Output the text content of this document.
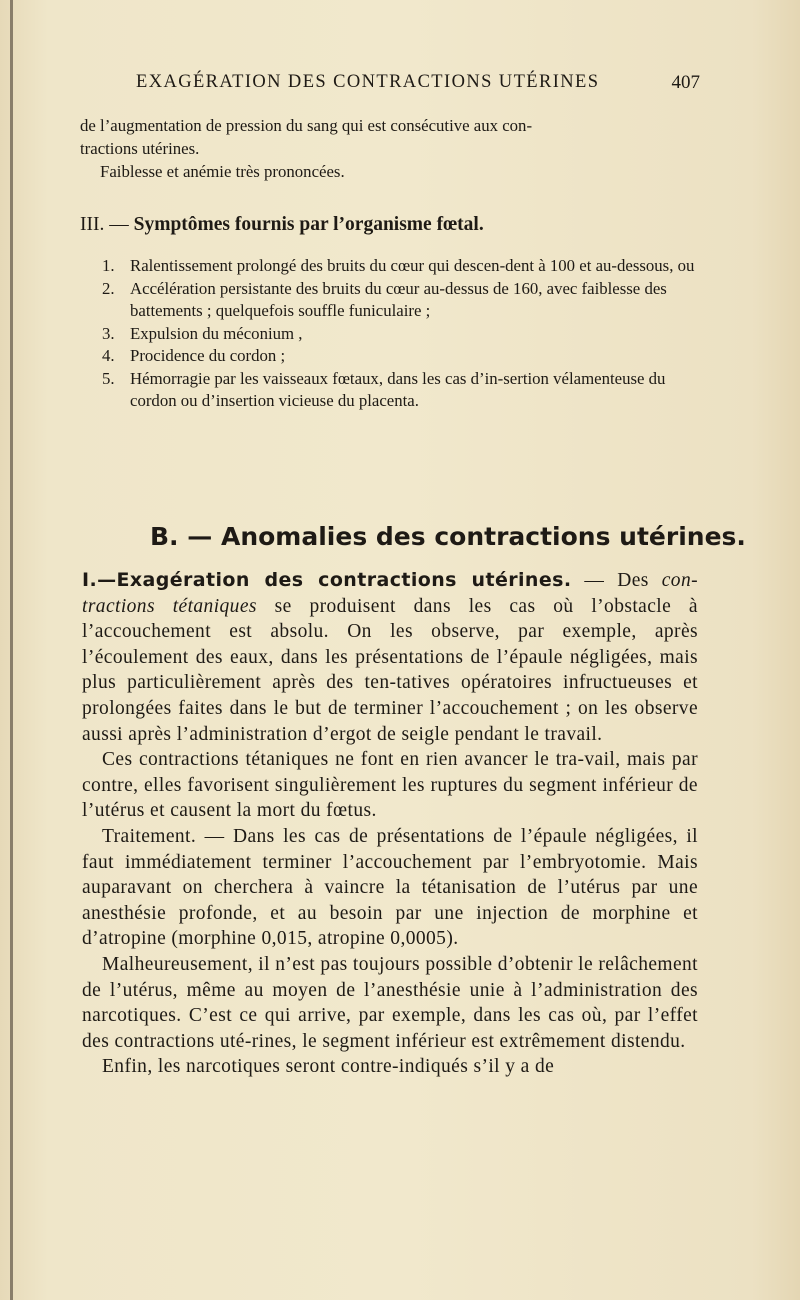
EXAGÉRATION DES CONTRACTIONS UTÉRINES	407

de l’augmentation de pression du sang qui est consécutive aux con-

tractions utérines.

Faiblesse et anémie très prononcées.

III. — Symptômes fournis par l’organisme fœtal.
1. Ralentissement prolongé des bruits du cœur qui descen-dent à 100 et au-dessous, ou
2. Accélération persistante des bruits du cœur au-dessus de 160, avec faiblesse des battements ; quelquefois souffle funiculaire ;
3. Expulsion du méconium ,
4. Procidence du cordon ;
5. Hémorragie par les vaisseaux fœtaux, dans les cas d’in-sertion vélamenteuse du cordon ou d’insertion vicieuse du placenta.
B. — Anomalies des contractions utérines.

I.—Exagération des contractions utérines. — Des con-tractions tétaniques se produisent dans les cas où l’obstacle à l’accouchement est absolu. On les observe, par exemple, après l’écoulement des eaux, dans les présentations de l’épaule négligées, mais plus particulièrement après des ten-tatives opératoires infructueuses et prolongées faites dans le but de terminer l’accouchement ; on les observe aussi après l’administration d’ergot de seigle pendant le travail.

Ces contractions tétaniques ne font en rien avancer le tra-vail, mais par contre, elles favorisent singulièrement les ruptures du segment inférieur de l’utérus et causent la mort du fœtus.

Traitement. — Dans les cas de présentations de l’épaule négligées, il faut immédiatement terminer l’accouchement par l’embryotomie. Mais auparavant on cherchera à vaincre la tétanisation de l’utérus par une anesthésie profonde, et au besoin par une injection de morphine et d’atropine (morphine 0,015, atropine 0,0005).

Malheureusement, il n’est pas toujours possible d’obtenir le relâchement de l’utérus, même au moyen de l’anesthésie unie à l’administration des narcotiques. C’est ce qui arrive, par exemple, dans les cas où, par l’effet des contractions uté-rines, le segment inférieur est extrêmement distendu.

Enfin, les narcotiques seront contre-indiqués s’il y a de
